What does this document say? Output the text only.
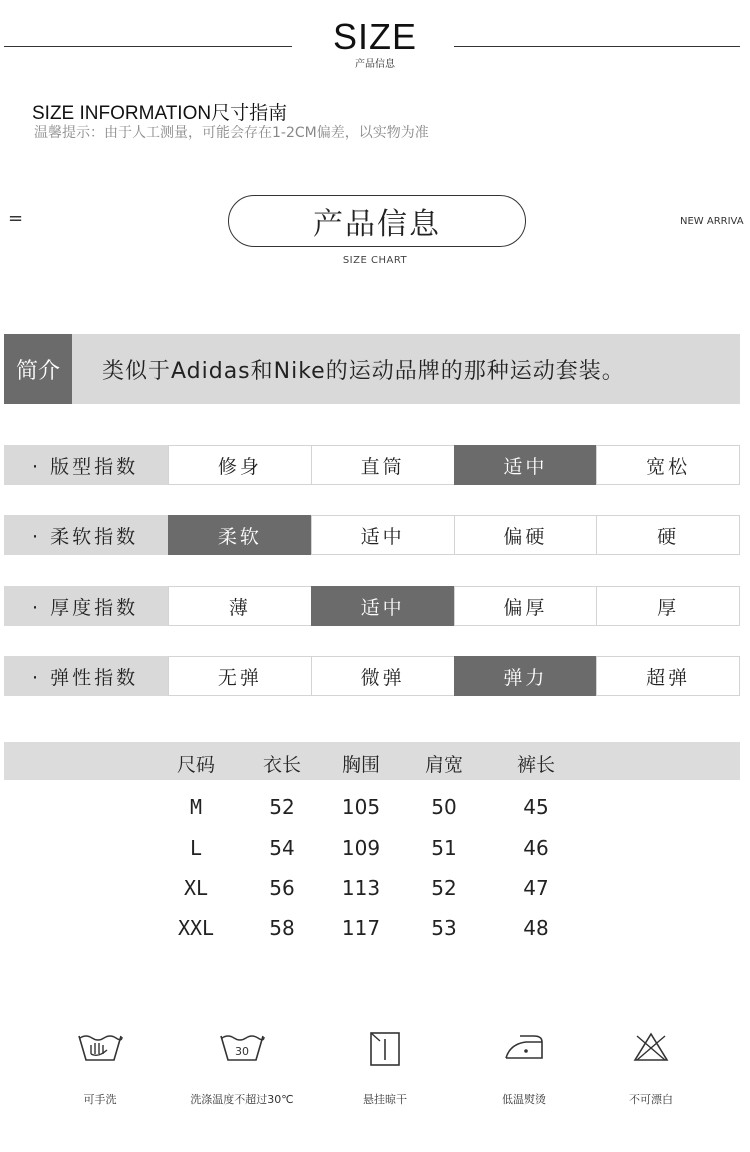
SIZE
产品信息
SIZE INFORMATION尺寸指南
温馨提示：由于人工测量，可能会存在1-2CM偏差，以实物为准
=	产品信息
SIZE CHART
NEW ARRIVA
简介	类似于Adidas和Nike的运动品牌的那种运动套装。
· 版型指数	修身	直筒	适中	宽松
· 柔软指数	柔软	适中	偏硬	硬
· 厚度指数	薄	适中	偏厚	厚
· 弹性指数	无弹	微弹	弹力	超弹
尺码	衣长	胸围	肩宽	裤长
M	52	105	50	45
L	54	109	51	46
XL	56	113	52	47
XXL	58	117	53	48
可手洗
30
洗涤温度不超过30℃	悬挂晾干	低温熨烫	不可漂白
